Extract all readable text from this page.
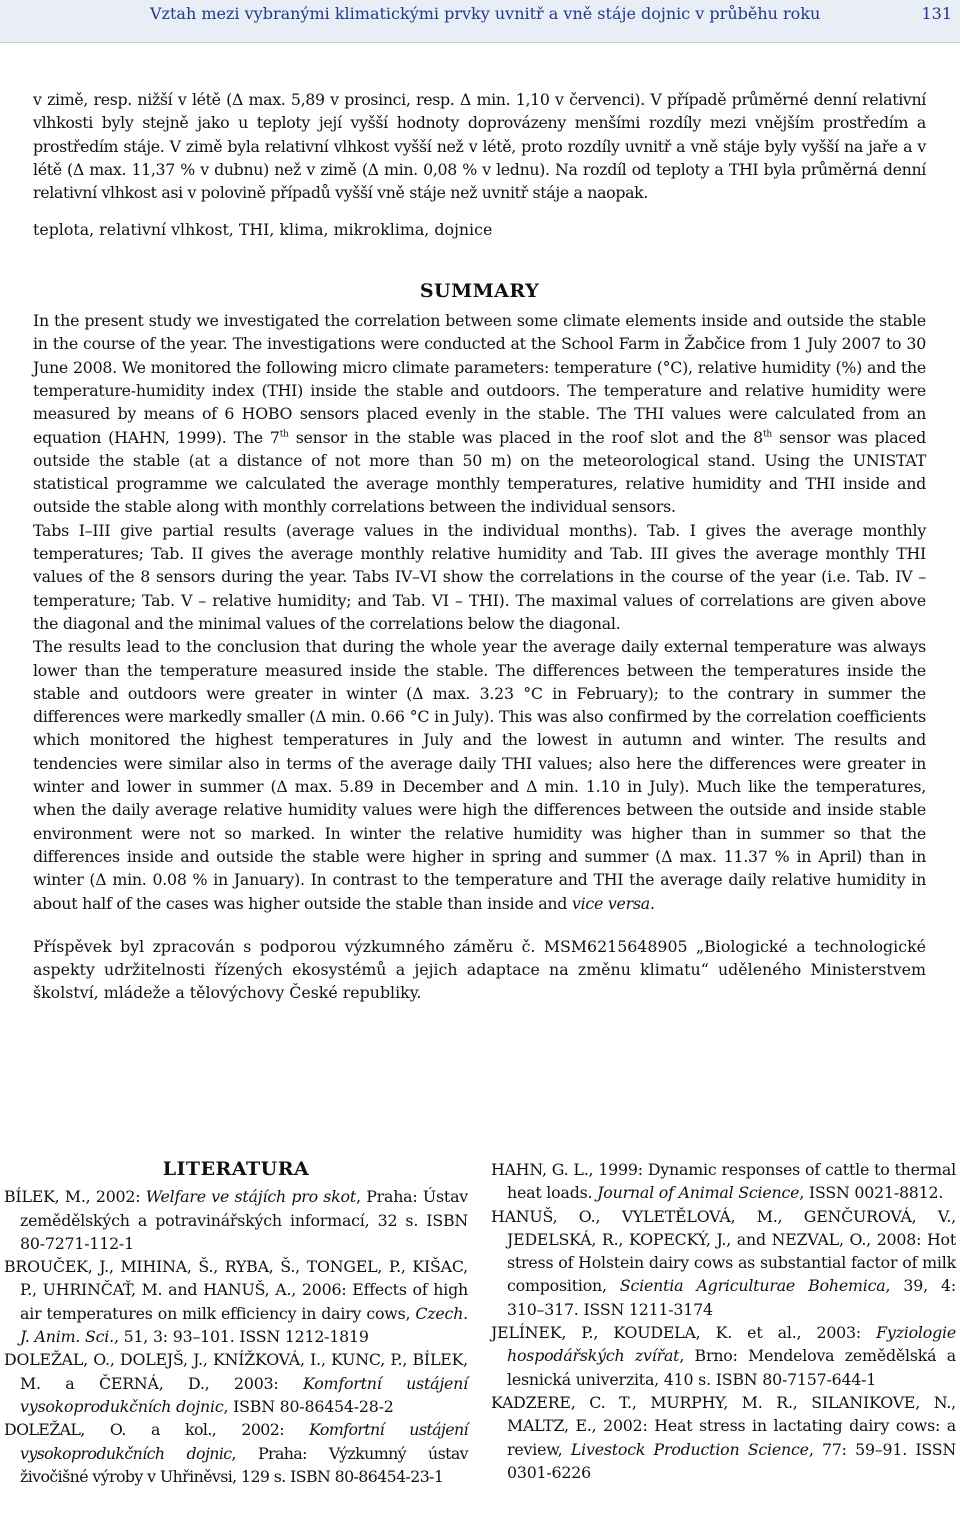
Vztah mezi vybranými klimatickými prvky uvnitř a vně stáje dojnic v průběhu roku	131

v zimě, resp. nižší v létě (Δ max. 5,89 v prosinci, resp. Δ min. 1,10 v červenci). V případě průměrné denní relativní vlhkosti byly stejně jako u teploty její vyšší hodnoty doprovázeny menšími rozdíly mezi vnějším prostředím a prostředím stáje. V zimě byla relativní vlhkost vyšší než v létě, proto rozdíly uvnitř a vně stáje byly vyšší na jaře a v létě (Δ max. 11,37 % v dubnu) než v zimě (Δ min. 0,08 % v lednu). Na rozdíl od teploty a THI byla průměrná denní relativní vlhkost asi v polovině případů vyšší vně stáje než uvnitř stáje a naopak.

teplota, relativní vlhkost, THI, klima, mikroklima, dojnice

SUMMARY

In the present study we investigated the correlation between some climate elements inside and outside the stable in the course of the year. The investigations were conducted at the School Farm in Žabčice from 1 July 2007 to 30 June 2008. We monitored the following micro climate parameters: temperature (°C), relative humidity (%) and the temperature-humidity index (THI) inside the stable and outdoors. The temperature and relative humidity were measured by means of 6 HOBO sensors placed evenly in the stable. The THI values were calculated from an equation (HAHN, 1999). The 7th sensor in the stable was placed in the roof slot and the 8th sensor was placed outside the stable (at a distance of not more than 50 m) on the meteorological stand. Using the UNISTAT statistical programme we calculated the average monthly temperatures, relative humidity and THI inside and outside the stable along with monthly correlations between the individual sensors.

Tabs I–III give partial results (average values in the individual months). Tab. I gives the average monthly temperatures; Tab. II gives the average monthly relative humidity and Tab. III gives the average monthly THI values of the 8 sensors during the year. Tabs IV–VI show the correlations in the course of the year (i.e. Tab. IV – temperature; Tab. V – relative humidity; and Tab. VI – THI). The maximal values of correlations are given above the diagonal and the minimal values of the correlations below the diagonal.

The results lead to the conclusion that during the whole year the average daily external temperature was always lower than the temperature measured inside the stable. The differences between the temperatures inside the stable and outdoors were greater in winter (Δ max. 3.23 °C in February); to the contrary in summer the differences were markedly smaller (Δ min. 0.66 °C in July). This was also confirmed by the correlation coefficients which monitored the highest temperatures in July and the lowest in autumn and winter. The results and tendencies were similar also in terms of the average daily THI values; also here the differences were greater in winter and lower in summer (Δ max. 5.89 in December and Δ min. 1.10 in July). Much like the temperatures, when the daily average relative humidity values were high the differences between the outside and inside stable environment were not so marked. In winter the relative humidity was higher than in summer so that the differences inside and outside the stable were higher in spring and summer (Δ max. 11.37 % in April) than in winter (Δ min. 0.08 % in January). In contrast to the temperature and THI the average daily relative humidity in about half of the cases was higher outside the stable than inside and vice versa.

Příspěvek byl zpracován s podporou výzkumného záměru č. MSM6215648905 „Biologické a technologické aspekty udržitelnosti řízených ekosystémů a jejich adaptace na změnu klimatu“ uděleného Ministerstvem školství, mládeže a tělovýchovy České republiky.

LITERATURA

BÍLEK, M., 2002: Welfare ve stájích pro skot, Praha: Ústav zemědělských a potravinářských informací, 32 s. ISBN 80-7271-112-1

BROUČEK, J., MIHINA, Š., RYBA, Š., TONGEL, P., KIŠAC, P., UHRINČAŤ, M. and HANUŠ, A., 2006: Effects of high air temperatures on milk efficiency in dairy cows, Czech. J. Anim. Sci., 51, 3: 93–101. ISSN 1212-1819

DOLEŽAL, O., DOLEJŠ, J., KNÍŽKOVÁ, I., KUNC, P., BÍLEK, M. a ČERNÁ, D., 2003: Komfortní ustájení vysokoprodukčních dojnic, ISBN 80-86454-28-2

DOLEŽAL, O. a kol., 2002: Komfortní ustájení vysokoprodukčních dojnic, Praha: Výzkumný ústav živočišné výroby v Uhřiněvsi, 129 s. ISBN 80-86454-23-1

HAHN, G. L., 1999: Dynamic responses of cattle to thermal heat loads. Journal of Animal Science, ISSN 0021-8812.

HANUŠ, O., VYLETĚLOVÁ, M., GENČUROVÁ, V., JEDELSKÁ, R., KOPECKÝ, J., and NEZVAL, O., 2008: Hot stress of Holstein dairy cows as substantial factor of milk composition, Scientia Agriculturae Bohemica, 39, 4: 310–317. ISSN 1211-3174

JELÍNEK, P., KOUDELA, K. et al., 2003: Fyziologie hospodářských zvířat, Brno: Mendelova zemědělská a lesnická univerzita, 410 s. ISBN 80-7157-644-1

KADZERE, C. T., MURPHY, M. R., SILANIKOVE, N., MALTZ, E., 2002: Heat stress in lactating dairy cows: a review, Livestock Production Science, 77: 59–91. ISSN 0301-6226
